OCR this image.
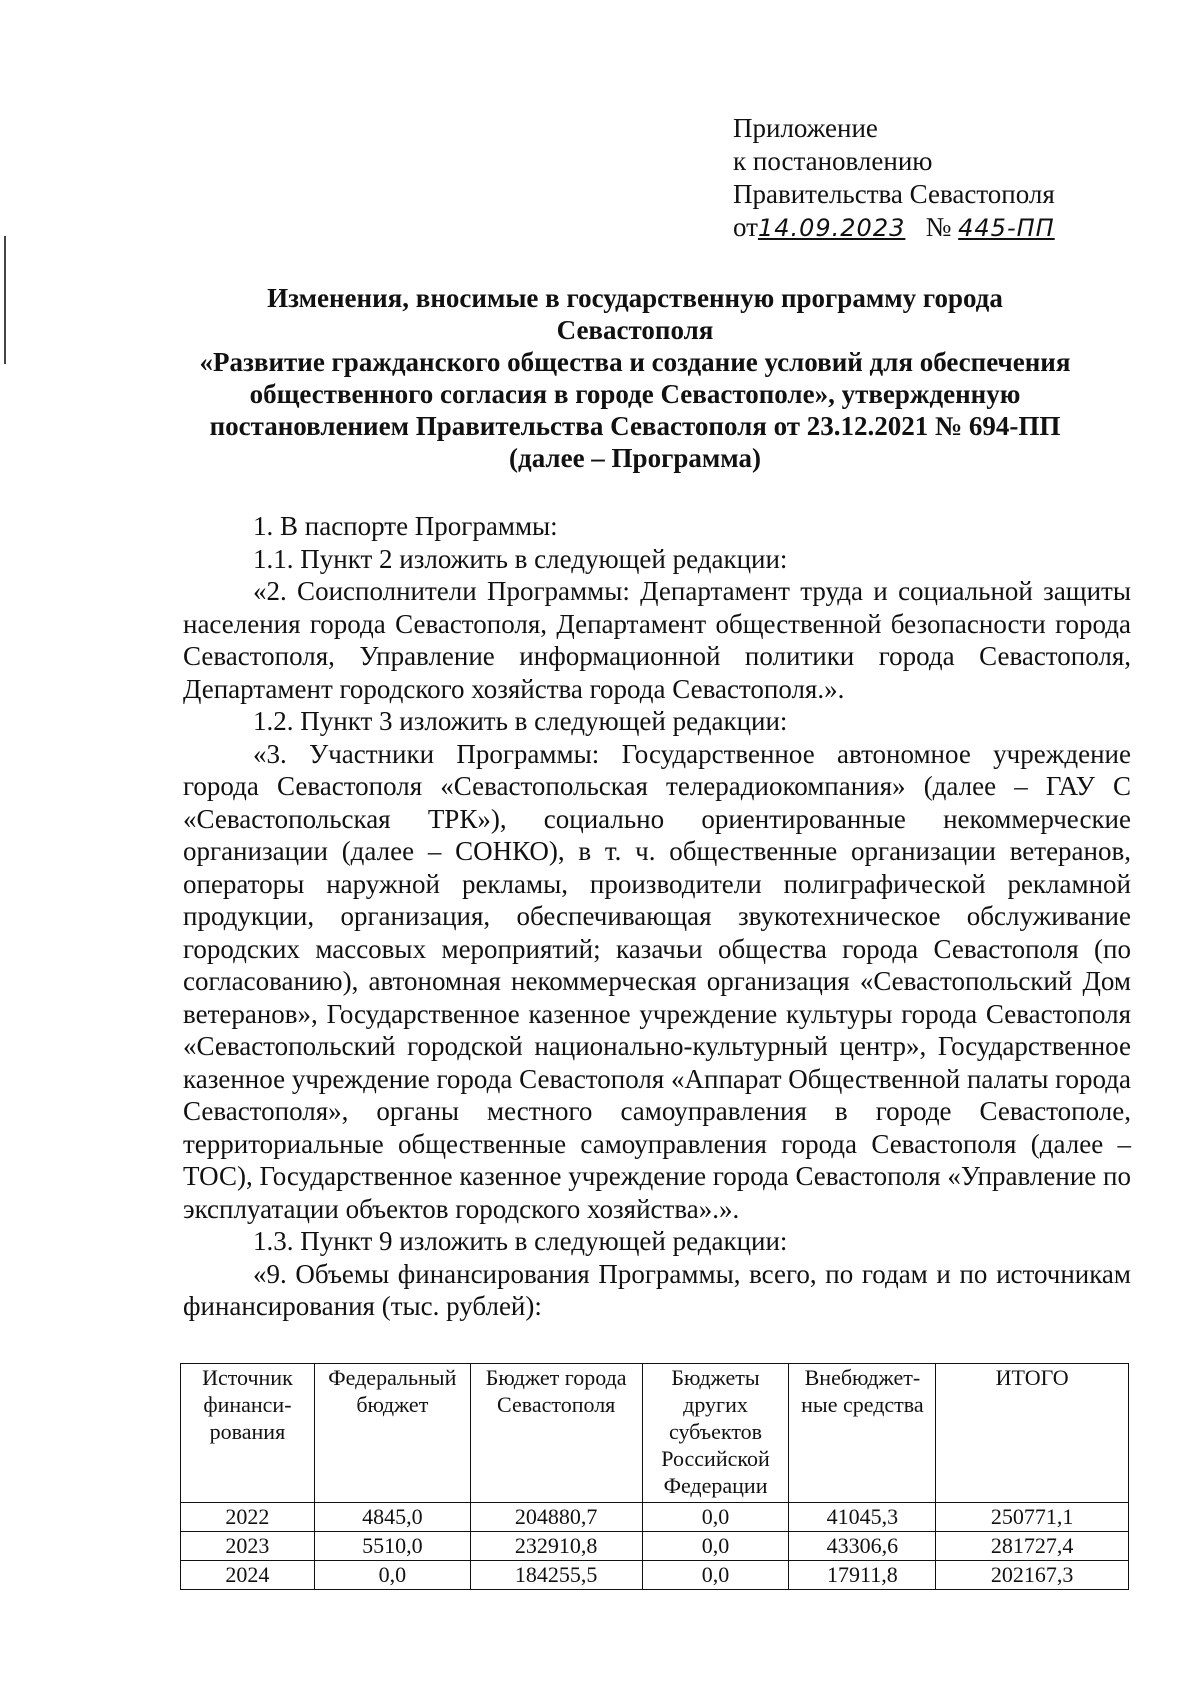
Приложение
к постановлению
Правительства Севастополя
от14.09.2023 № 445-ПП
Изменения, вносимые в государственную программу города
Севастополя
«Развитие гражданского общества и создание условий для обеспечения
общественного согласия в городе Севастополе», утвержденную
постановлением Правительства Севастополя от 23.12.2021 № 694-ПП
(далее – Программа)

1. В паспорте Программы:

1.1. Пункт 2 изложить в следующей редакции:

«2. Соисполнители Программы: Департамент труда и социальной защиты населения города Севастополя, Департамент общественной безопасности города Севастополя, Управление информационной политики города Севастополя, Департамент городского хозяйства города Севастополя.».

1.2. Пункт 3 изложить в следующей редакции:

«3. Участники Программы: Государственное автономное учреждение города Севастополя «Севастопольская телерадиокомпания» (далее – ГАУ С «Севастопольская ТРК»), социально ориентированные некоммерческие организации (далее – СОНКО), в т. ч. общественные организации ветеранов, операторы наружной рекламы, производители полиграфической рекламной продукции, организация, обеспечивающая звукотехническое обслуживание городских массовых мероприятий; казачьи общества города Севастополя (по согласованию), автономная некоммерческая организация «Севастопольский Дом ветеранов», Государственное казенное учреждение культуры города Севастополя «Севастопольский городской национально-культурный центр», Государственное казенное учреждение города Севастополя «Аппарат Общественной палаты города Севастополя», органы местного самоуправления в городе Севастополе, территориальные общественные самоуправления города Севастополя (далее – ТОС), Государственное казенное учреждение города Севастополя «Управление по эксплуатации объектов городского хозяйства».».

1.3. Пункт 9 изложить в следующей редакции:

«9. Объемы финансирования Программы, всего, по годам и по источникам финансирования (тыс. рублей):

Источник финанси-рования	Федеральный бюджет	Бюджет города Севастополя	Бюджеты других субъектов Российской Федерации	Внебюджет-ные средства	ИТОГО
2022	4845,0	204880,7	0,0	41045,3	250771,1
2023	5510,0	232910,8	0,0	43306,6	281727,4
2024	0,0	184255,5	0,0	17911,8	202167,3
